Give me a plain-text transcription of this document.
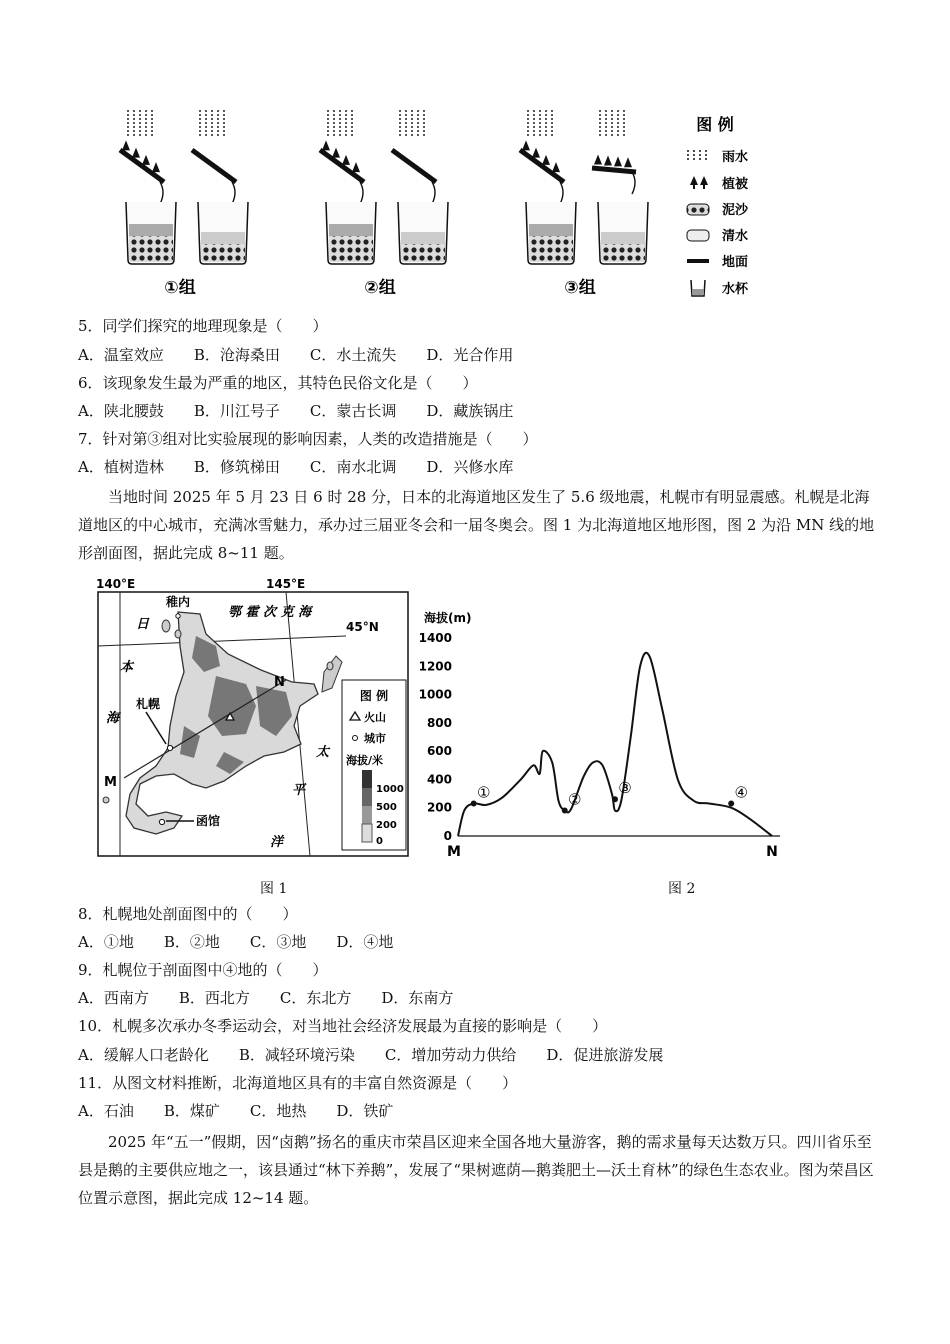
①组	②组	③组
图 例
雨水
植被
泥沙
清水
地面
水杯
5．同学们探究的地理现象是（　　）
A．温室效应 B．沧海桑田 C．水土流失 D．光合作用
6．该现象发生最为严重的地区，其特色民俗文化是（　　）
A．陕北腰鼓 B．川江号子 C．蒙古长调 D．藏族锅庄
7．针对第③组对比实验展现的影响因素，人类的改造措施是（　　）
A．植树造林 B．修筑梯田 C．南水北调 D．兴修水库
当地时间 2025 年 5 月 23 日 6 时 28 分，日本的北海道地区发生了 5.6 级地震，札幌市有明显震感。札幌是北海道地区的中心城市，充满冰雪魅力，承办过三届亚冬会和一届冬奥会。图 1 为北海道地区地形图，图 2 为沿 MN 线的地形剖面图，据此完成 8~11 题。
140°E	145°E
45°N
M
N
稚内
札幌
函馆
日
本
海
鄂 霍 次 克 海
太
平
洋
图 例
火山
城市
海拔/米
1000
500
200
0
海拔(m)
0
200
400
600
800
1000
1200
1400
①	②
③	④
M	N
图 1	图 2
8．札幌地处剖面图中的（　　）
A．①地 B．②地 C．③地 D．④地
9．札幌位于剖面图中④地的（　　）
A．西南方 B．西北方 C．东北方 D．东南方
10．札幌多次承办冬季运动会，对当地社会经济发展最为直接的影响是（　　）
A．缓解人口老龄化 B．减轻环境污染 C．增加劳动力供给 D．促进旅游发展
11．从图文材料推断，北海道地区具有的丰富自然资源是（　　）
A．石油 B．煤矿 C．地热 D．铁矿
2025 年“五一”假期，因“卤鹅”扬名的重庆市荣昌区迎来全国各地大量游客，鹅的需求量每天达数万只。四川省乐至县是鹅的主要供应地之一，该县通过“林下养鹅”，发展了“果树遮荫—鹅粪肥土—沃土育林”的绿色生态农业。图为荣昌区位置示意图，据此完成 12~14 题。
